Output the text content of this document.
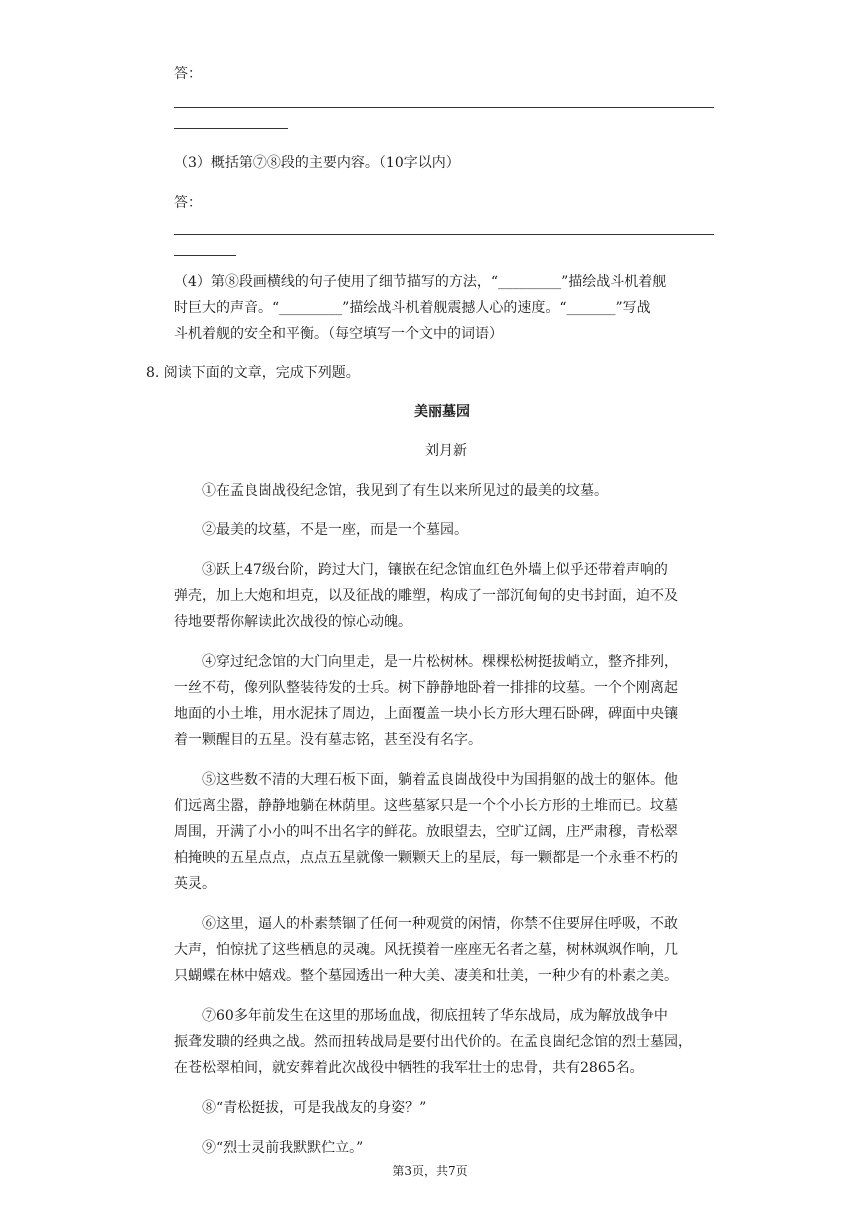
答：
（3）概括第⑦⑧段的主要内容。（10字以内）
答：
（4）第⑧段画横线的句子使用了细节描写的方法，“_________”描绘战斗机着舰
时巨大的声音。“_________”描绘战斗机着舰震撼人心的速度。“_______”写战
斗机着舰的安全和平衡。（每空填写一个文中的词语）
8. 阅读下面的文章，完成下列题。
美丽墓园
刘月新
①在孟良崮战役纪念馆，我见到了有生以来所见过的最美的坟墓。
②最美的坟墓，不是一座，而是一个墓园。
③跃上47级台阶，跨过大门，镶嵌在纪念馆血红色外墙上似乎还带着声响的
弹壳，加上大炮和坦克，以及征战的雕塑，构成了一部沉甸甸的史书封面，迫不及
待地要帮你解读此次战役的惊心动魄。
④穿过纪念馆的大门向里走，是一片松树林。棵棵松树挺拔峭立，整齐排列，
一丝不苟，像列队整装待发的士兵。树下静静地卧着一排排的坟墓。一个个刚离起
地面的小土堆，用水泥抹了周边，上面覆盖一块小长方形大理石卧碑，碑面中央镶
着一颗醒目的五星。没有墓志铭，甚至没有名字。
⑤这些数不清的大理石板下面，躺着孟良崮战役中为国捐躯的战士的躯体。他
们远离尘嚣，静静地躺在林荫里。这些墓冢只是一个个小长方形的土堆而已。坟墓
周围，开满了小小的叫不出名字的鲜花。放眼望去，空旷辽阔，庄严肃穆，青松翠
柏掩映的五星点点，点点五星就像一颗颗天上的星辰，每一颗都是一个永垂不朽的
英灵。
⑥这里，逼人的朴素禁锢了任何一种观赏的闲情，你禁不住要屏住呼吸，不敢
大声，怕惊扰了这些栖息的灵魂。风抚摸着一座座无名者之墓，树林飒飒作响，几
只蝴蝶在林中嬉戏。整个墓园透出一种大美、凄美和壮美，一种少有的朴素之美。
⑦60多年前发生在这里的那场血战，彻底扭转了华东战局，成为解放战争中
振聋发聩的经典之战。然而扭转战局是要付出代价的。在孟良崮纪念馆的烈士墓园，
在苍松翠柏间，就安葬着此次战役中牺牲的我军壮士的忠骨，共有2865名。
⑧“青松挺拔，可是我战友的身姿？”
⑨“烈士灵前我默默伫立。”
第3页，共7页
